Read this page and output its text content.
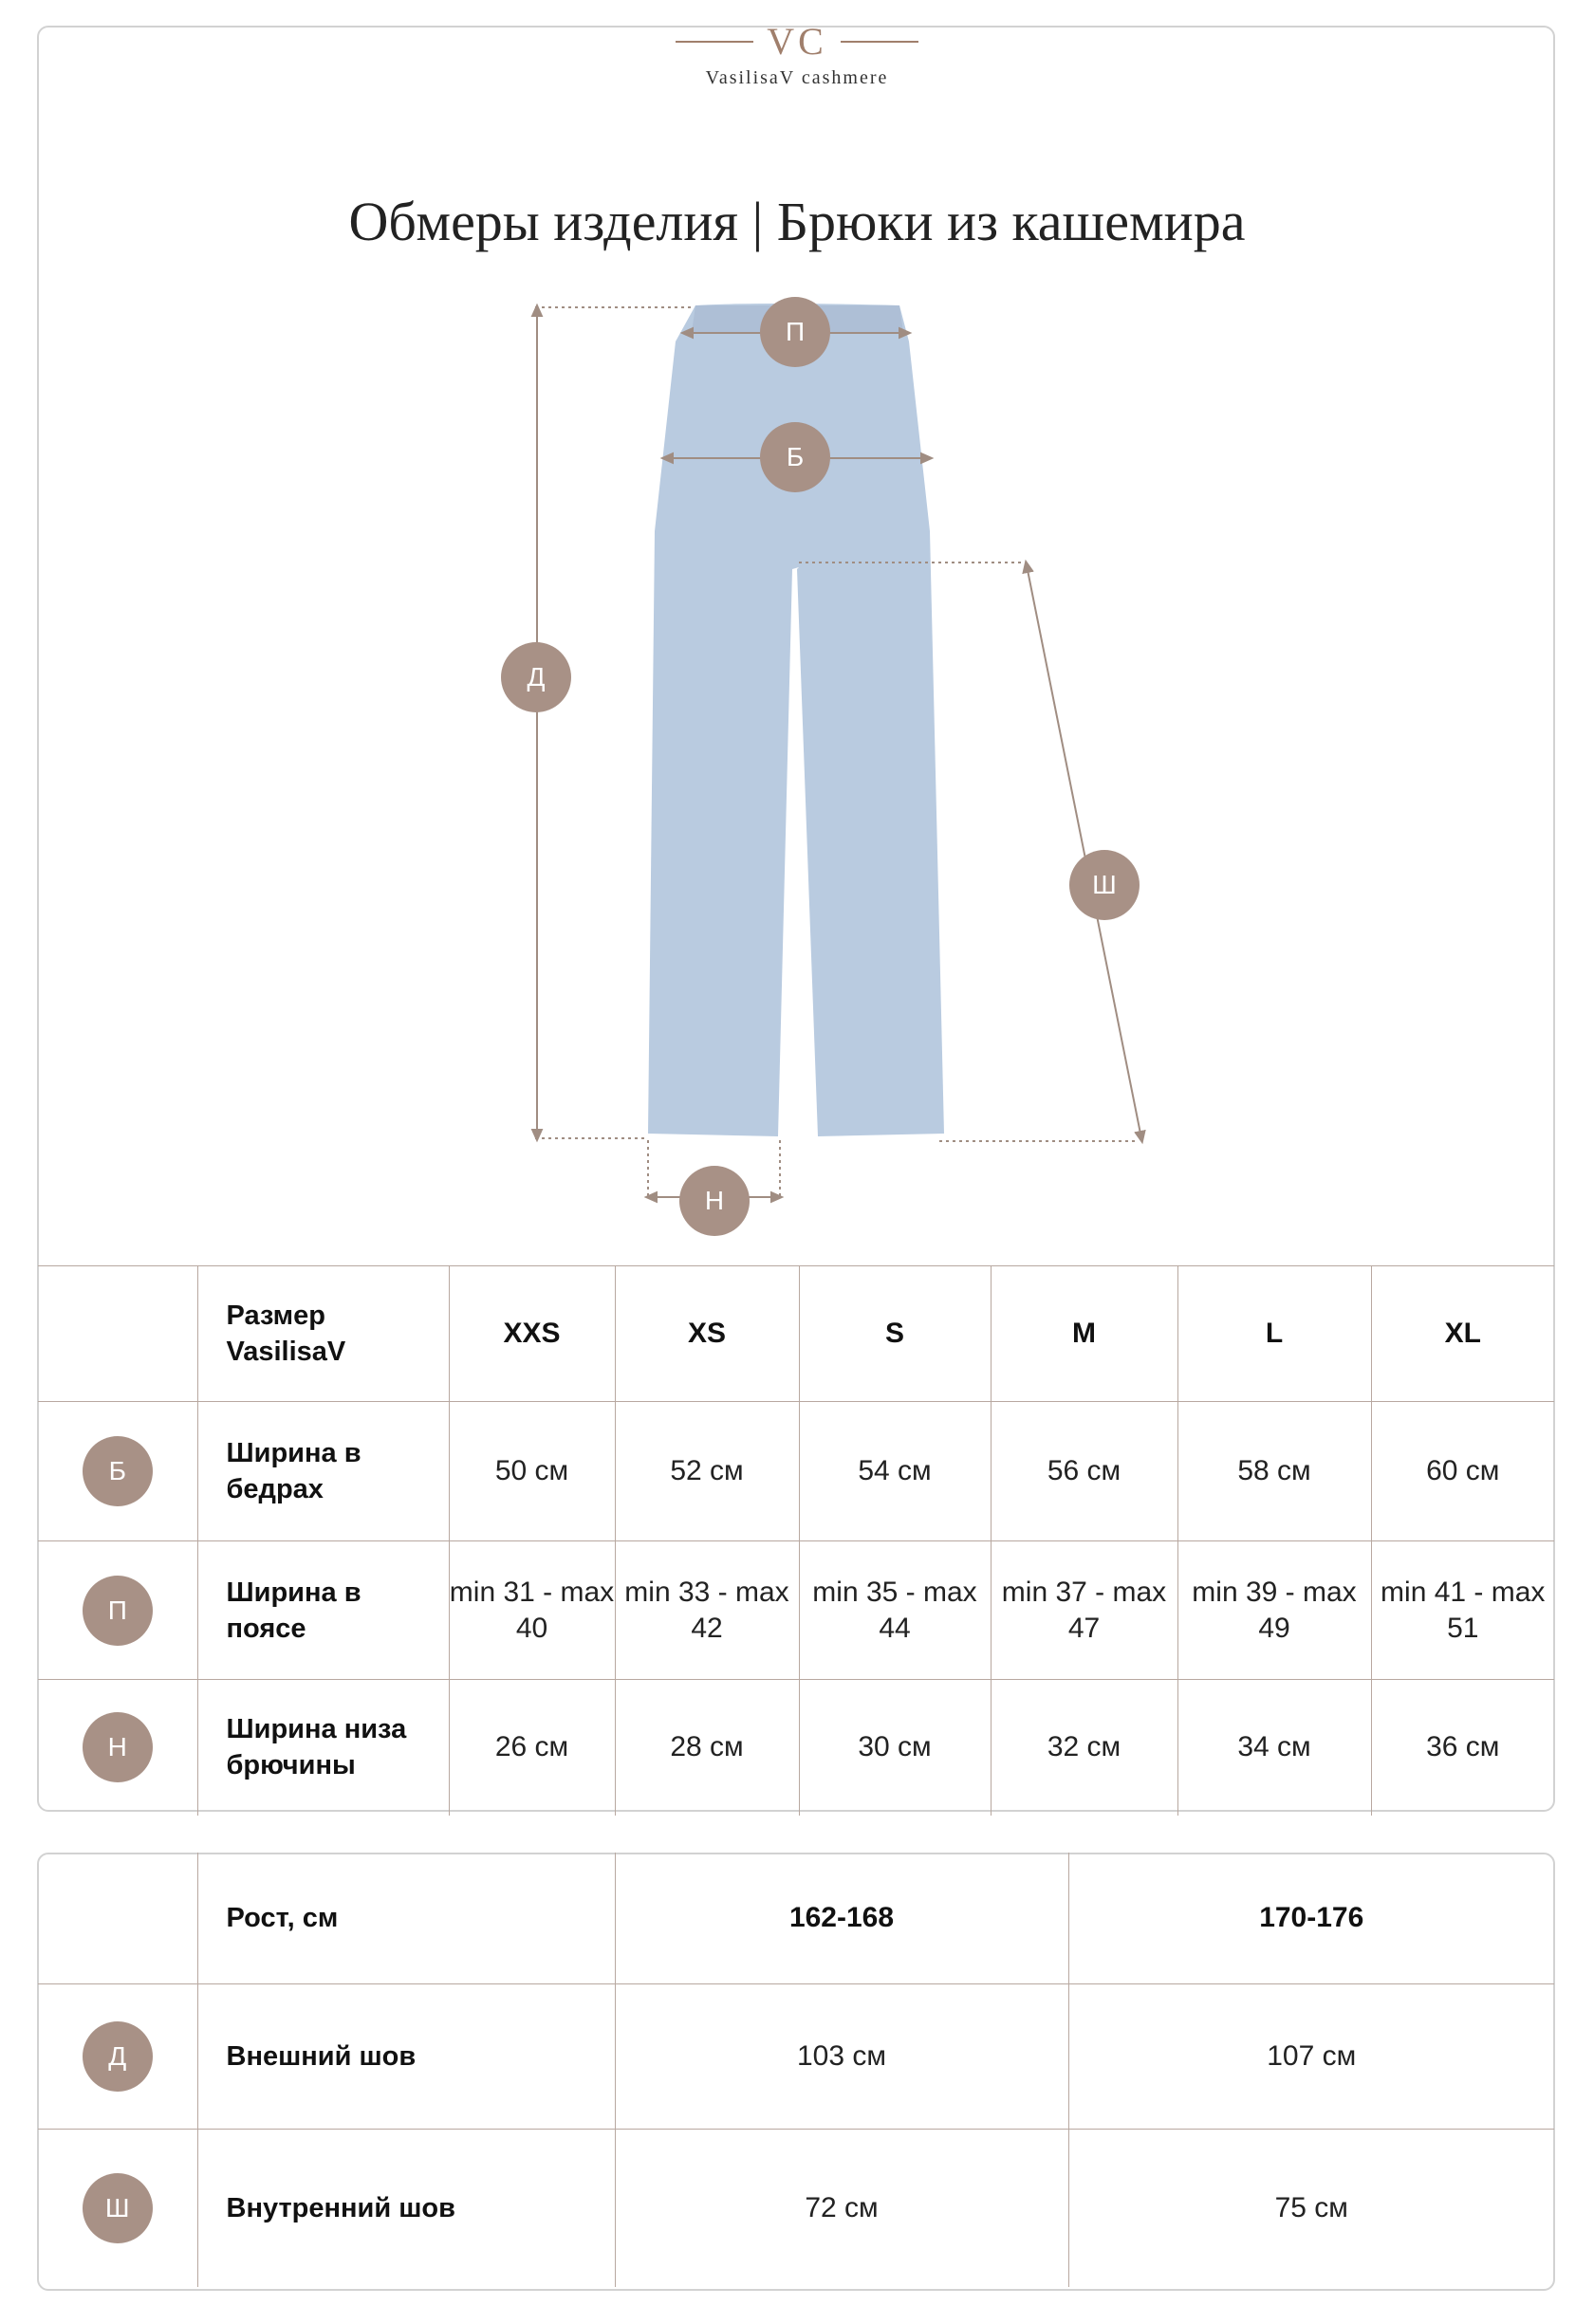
VC
VasilisaV cashmere
Обмеры изделия | Брюки из кашемира
П
Б
Д
Ш
Н
	Размер VasilisaV	XXS	XS	S	M	L	XL

Б	Ширина в бедрах	50 см	52 см	54 см	56 см	58 см	60 см

П	Ширина в поясе	min 31 - max 40	min 33 - max 42	min 35 - max 44	min 37 - max 47	min 39 - max 49	min 41 - max 51

Н	Ширина низа брючины	26 см	28 см	30 см	32 см	34 см	36 см
	Рост, см	162-168	170-176

Д	Внешний шов	103 см	107 см

Ш	Внутренний шов	72 см	75 см
